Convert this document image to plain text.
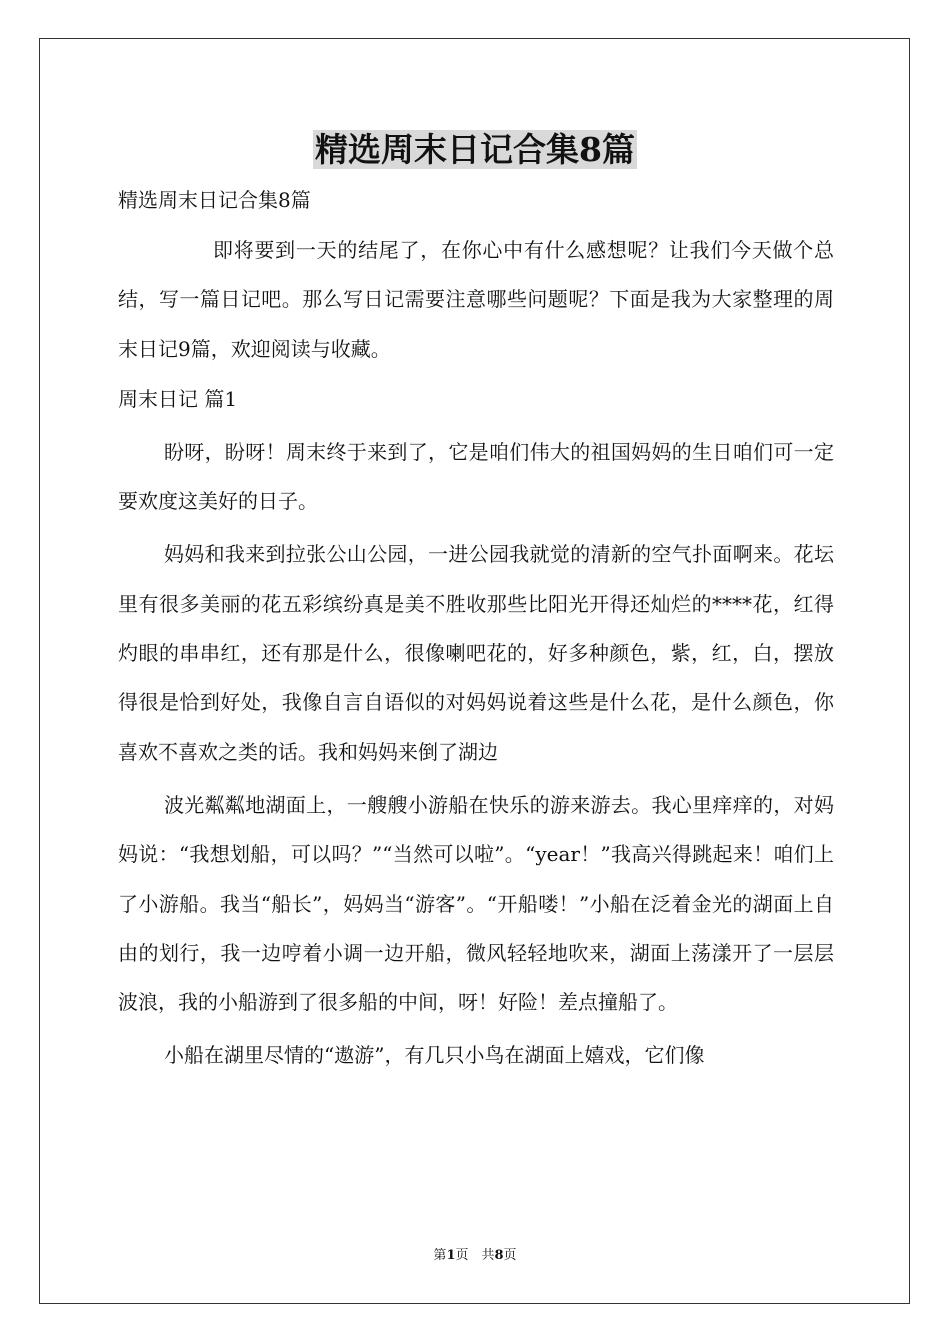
精选周末日记合集8篇

精选周末日记合集8篇

即将要到一天的结尾了，在你心中有什么感想呢？让我们今天做个总结，写一篇日记吧。那么写日记需要注意哪些问题呢？下面是我为大家整理的周末日记9篇，欢迎阅读与收藏。

周末日记 篇1

盼呀，盼呀！周末终于来到了，它是咱们伟大的祖国妈妈的生日咱们可一定要欢度这美好的日子。

妈妈和我来到拉张公山公园，一进公园我就觉的清新的空气扑面啊来。花坛里有很多美丽的花五彩缤纷真是美不胜收那些比阳光开得还灿烂的****花，红得灼眼的串串红，还有那是什么，很像喇吧花的，好多种颜色，紫，红，白，摆放得很是恰到好处，我像自言自语似的对妈妈说着这些是什么花，是什么颜色，你喜欢不喜欢之类的话。我和妈妈来倒了湖边

波光粼粼地湖面上，一艘艘小游船在快乐的游来游去。我心里痒痒的，对妈妈说：“我想划船，可以吗？”“当然可以啦”。“year！”我高兴得跳起来！咱们上了小游船。我当“船长”，妈妈当“游客”。“开船喽！”小船在泛着金光的湖面上自由的划行，我一边哼着小调一边开船，微风轻轻地吹来，湖面上荡漾开了一层层波浪，我的小船游到了很多船的中间，呀！好险！差点撞船了。

小船在湖里尽情的“遨游”，有几只小鸟在湖面上嬉戏，它们像

第1页　共8页
